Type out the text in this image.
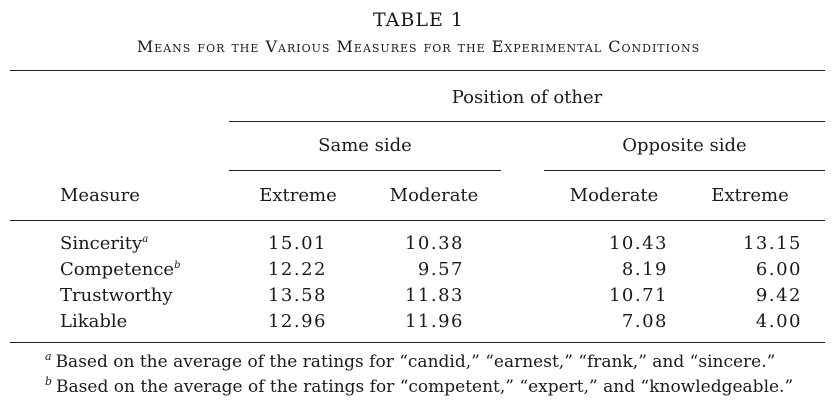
TABLE 1
Means for the Various Measures for the Experimental Conditions
Position of other
Same side	Opposite side
Measure	Extreme	Moderate	Moderate	Extreme
Sincerity$^a$	15.01	10.38	10.43	13.15
Competence$^b$	12.22	9.57	8.19	6.00
Trustworthy	13.58	11.83	10.71	9.42
Likable	12.96	11.96	7.08	4.00
$^a$ Based on the average of the ratings for “candid,” “earnest,” “frank,” and “sincere.”
$^b$ Based on the average of the ratings for “competent,” “expert,” and “knowledgeable.”
